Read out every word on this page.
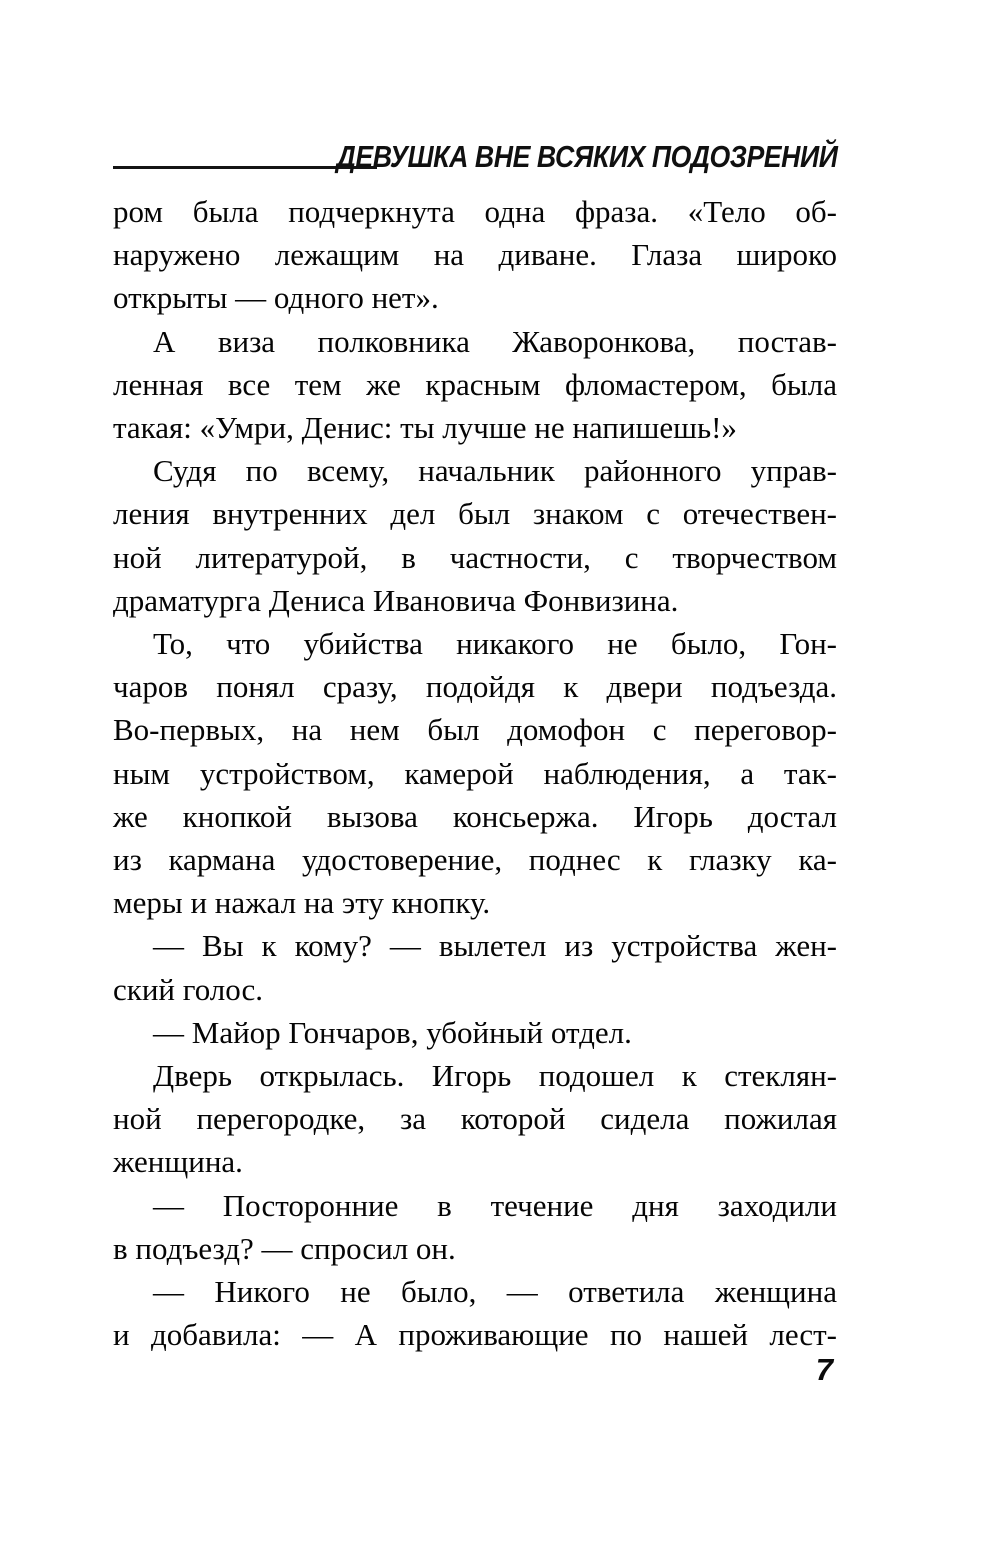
ДЕВУШКА ВНЕ ВСЯКИХ ПОДОЗРЕНИЙ
ром была подчеркнута одна фраза. «Тело об-
наружено лежащим на диване. Глаза широко
открыты — одного нет».
А виза полковника Жаворонкова, постав-
ленная все тем же красным фломастером, была
такая: «Умри, Денис: ты лучше не напишешь!»
Судя по всему, начальник районного управ-
ления внутренних дел был знаком с отечествен-
ной литературой, в частности, с творчеством
драматурга Дениса Ивановича Фонвизина.
То, что убийства никакого не было, Гон-
чаров понял сразу, подойдя к двери подъезда.
Во-первых, на нем был домофон с переговор-
ным устройством, камерой наблюдения, а так-
же кнопкой вызова консьержа. Игорь достал
из кармана удостоверение, поднес к глазку ка-
меры и нажал на эту кнопку.
— Вы к кому? — вылетел из устройства жен-
ский голос.
— Майор Гончаров, убойный отдел.
Дверь открылась. Игорь подошел к стеклян-
ной перегородке, за которой сидела пожилая
женщина.
— Посторонние в течение дня заходили
в подъезд? — спросил он.
— Никого не было, — ответила женщина
и добавила: — А проживающие по нашей лест-
7
